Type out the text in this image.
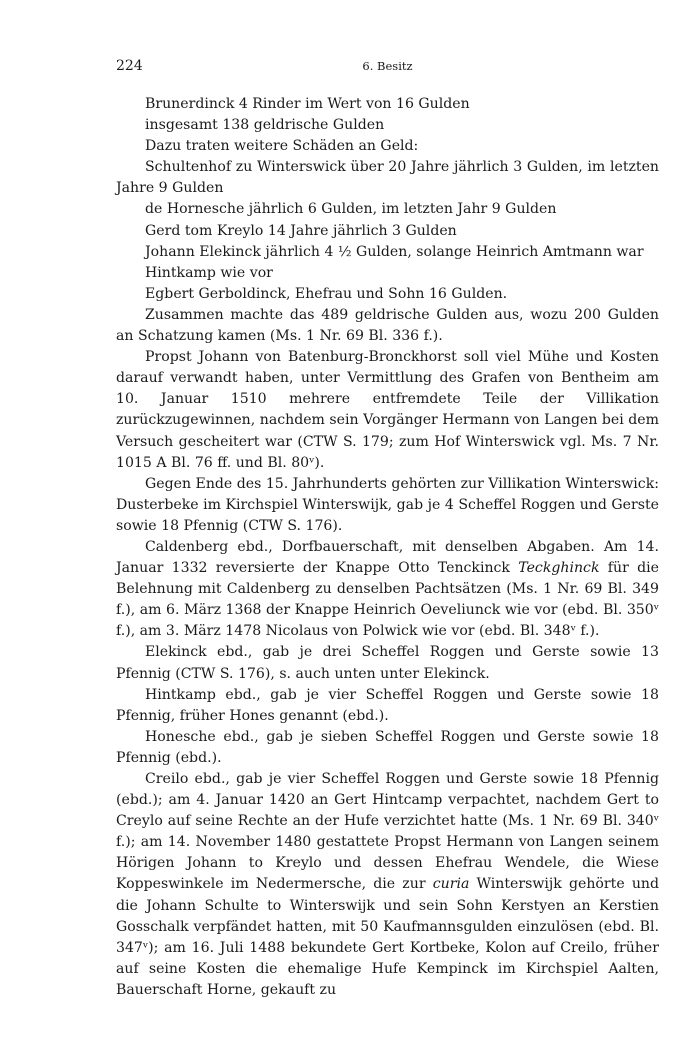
224	6. Besitz

Brunerdinck 4 Rinder im Wert von 16 Gulden

insgesamt 138 geldrische Gulden

Dazu traten weitere Schäden an Geld:

Schultenhof zu Winterswick über 20 Jahre jährlich 3 Gulden, im letzten Jahre 9 Gulden

de Hornesche jährlich 6 Gulden, im letzten Jahr 9 Gulden

Gerd tom Kreylo 14 Jahre jährlich 3 Gulden

Johann Elekinck jährlich 4 ½ Gulden, solange Heinrich Amtmann war

Hintkamp wie vor

Egbert Gerboldinck, Ehefrau und Sohn 16 Gulden.

Zusammen machte das 489 geldrische Gulden aus, wozu 200 Gulden an Schatzung kamen (Ms. 1 Nr. 69 Bl. 336 f.).

Propst Johann von Batenburg-Bronckhorst soll viel Mühe und Kosten darauf verwandt haben, unter Vermittlung des Grafen von Bentheim am 10. Januar 1510 mehrere entfremdete Teile der Villikation zurückzugewinnen, nachdem sein Vorgänger Hermann von Langen bei dem Versuch gescheitert war (CTW S. 179; zum Hof Winterswick vgl. Ms. 7 Nr. 1015 A Bl. 76 ff. und Bl. 80ᵛ).

Gegen Ende des 15. Jahrhunderts gehörten zur Villikation Winterswick: Dusterbeke im Kirchspiel Winterswijk, gab je 4 Scheffel Roggen und Gerste sowie 18 Pfennig (CTW S. 176).

Caldenberg ebd., Dorfbauerschaft, mit denselben Abgaben. Am 14. Januar 1332 reversierte der Knappe Otto Tenckinck Teckghinck für die Belehnung mit Caldenberg zu denselben Pachtsätzen (Ms. 1 Nr. 69 Bl. 349 f.), am 6. März 1368 der Knappe Heinrich Oeveliunck wie vor (ebd. Bl. 350ᵛ f.), am 3. März 1478 Nicolaus von Polwick wie vor (ebd. Bl. 348ᵛ f.).

Elekinck ebd., gab je drei Scheffel Roggen und Gerste sowie 13 Pfennig (CTW S. 176), s. auch unten unter Elekinck.

Hintkamp ebd., gab je vier Scheffel Roggen und Gerste sowie 18 Pfennig, früher Hones genannt (ebd.).

Honesche ebd., gab je sieben Scheffel Roggen und Gerste sowie 18 Pfennig (ebd.).

Creilo ebd., gab je vier Scheffel Roggen und Gerste sowie 18 Pfennig (ebd.); am 4. Januar 1420 an Gert Hintcamp verpachtet, nachdem Gert to Creylo auf seine Rechte an der Hufe verzichtet hatte (Ms. 1 Nr. 69 Bl. 340ᵛ f.); am 14. November 1480 gestattete Propst Hermann von Langen seinem Hörigen Johann to Kreylo und dessen Ehefrau Wendele, die Wiese Koppeswinkele im Nedermersche, die zur curia Winterswijk gehörte und die Johann Schulte to Winterswijk und sein Sohn Kerstyen an Kerstien Gosschalk verpfändet hatten, mit 50 Kaufmannsgulden einzulösen (ebd. Bl. 347ᵛ); am 16. Juli 1488 bekundete Gert Kortbeke, Kolon auf Creilo, früher auf seine Kosten die ehemalige Hufe Kempinck im Kirchspiel Aalten, Bauerschaft Horne, gekauft zu
